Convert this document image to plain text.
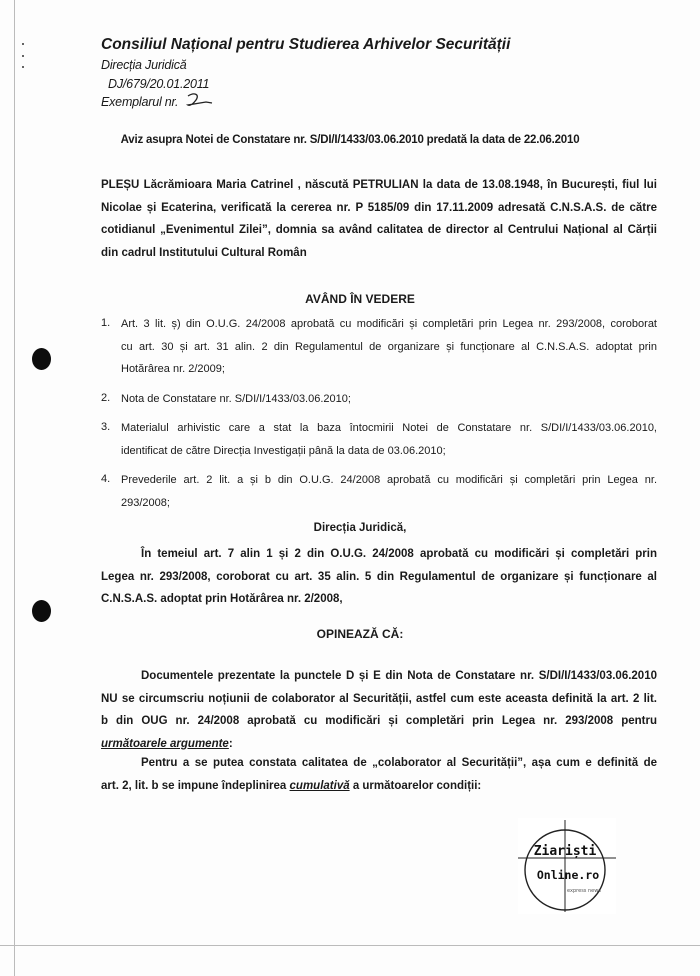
Consiliul Național pentru Studierea Arhivelor Securității
Direcția Juridică
DJ/679/20.01.2011
Exemplarul nr.
Aviz asupra Notei de Constatare nr. S/DI/I/1433/03.06.2010 predată la data de 22.06.2010
PLEȘU Lăcrămioara Maria Catrinel , născută PETRULIAN la data de 13.08.1948, în București, fiul lui
Nicolae și Ecaterina, verificată la cererea nr. P 5185/09 din 17.11.2009 adresată C.N.S.A.S. de către
cotidianul „Evenimentul Zilei”, domnia sa având calitatea de director al Centrului Național al Cărții
din cadrul Institutului Cultural Român
AVÂND ÎN VEDERE
1. Art. 3 lit. ș) din O.U.G. 24/2008 aprobată cu modificări și completări prin Legea nr. 293/2008, coroborat
cu art. 30 și art. 31 alin. 2 din Regulamentul de organizare și funcționare al C.N.S.A.S. adoptat prin
Hotărârea nr. 2/2009;
2. Nota de Constatare nr. S/DI/I/1433/03.06.2010;
3. Materialul arhivistic care a stat la baza întocmirii Notei de Constatare nr. S/DI/I/1433/03.06.2010,
identificat de către Direcția Investigații până la data de 03.06.2010;
4. Prevederile art. 2 lit. a și b din O.U.G. 24/2008 aprobată cu modificări și completări prin Legea nr.
293/2008;
Direcția Juridică,
În temeiul art. 7 alin 1 și 2 din O.U.G. 24/2008 aprobată cu modificări și completări prin
Legea nr. 293/2008, coroborat cu art. 35 alin. 5 din Regulamentul de organizare și funcționare al
C.N.S.A.S. adoptat prin Hotărârea nr. 2/2008,
OPINEAZĂ CĂ:
Documentele prezentate la punctele D și E din Nota de Constatare nr. S/DI/I/1433/03.06.2010
NU se circumscriu noțiunii de colaborator al Securității, astfel cum este aceasta definită la art. 2 lit.
b din OUG nr. 24/2008 aprobată cu modificări și completări prin Legea nr. 293/2008 pentru
următoarele argumente:
Pentru a se putea constata calitatea de „colaborator al Securității”, așa cum e definită de
art. 2, lit. b se impune îndeplinirea cumulativă a următoarelor condiții:
Ziariști
Online.ro
express news
